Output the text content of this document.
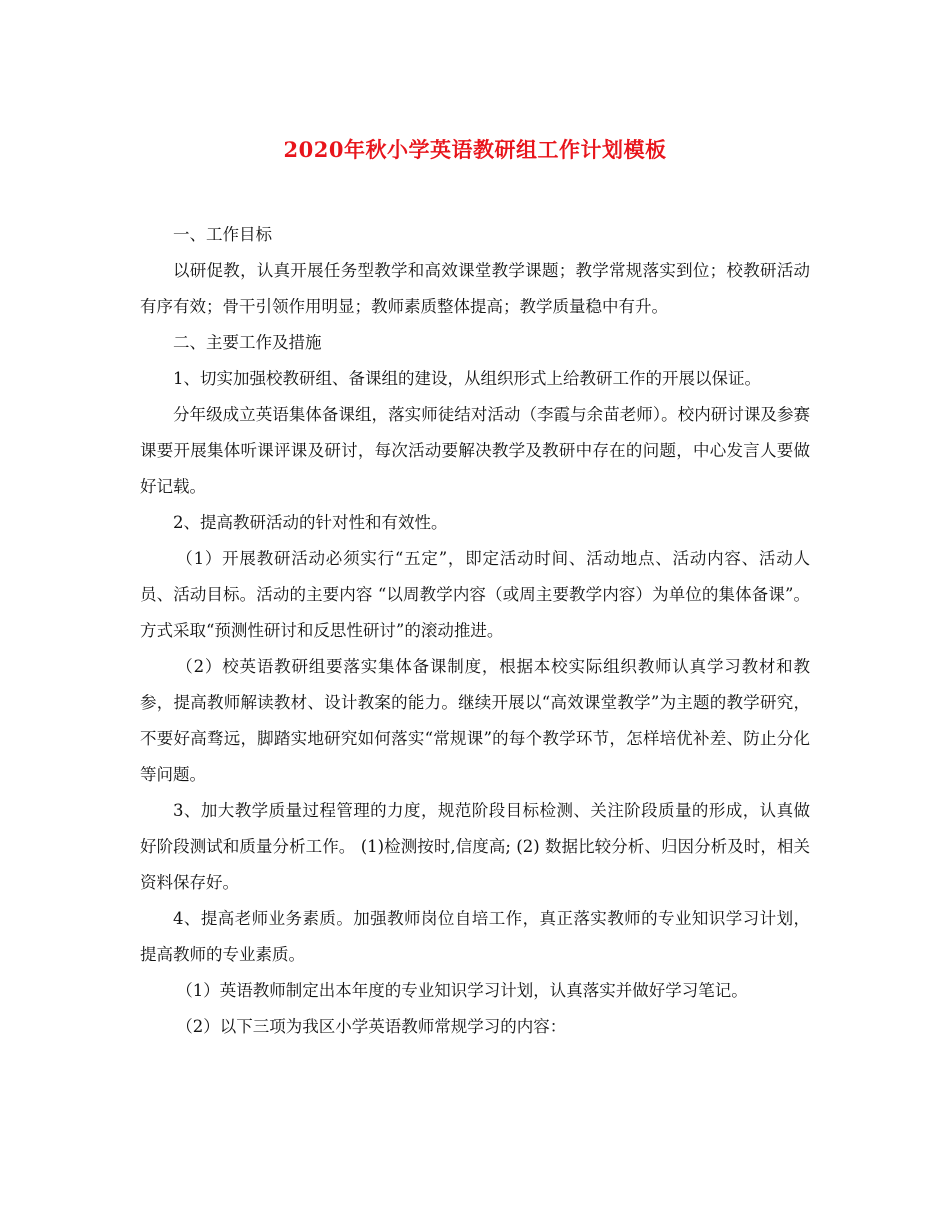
2020年秋小学英语教研组工作计划模板

一、工作目标

以研促教，认真开展任务型教学和高效课堂教学课题；教学常规落实到位；校教研活动有序有效；骨干引领作用明显；教师素质整体提高；教学质量稳中有升。

二、主要工作及措施

1、切实加强校教研组、备课组的建设，从组织形式上给教研工作的开展以保证。

分年级成立英语集体备课组，落实师徒结对活动（李霞与余苗老师）。校内研讨课及参赛课要开展集体听课评课及研讨，每次活动要解决教学及教研中存在的问题，中心发言人要做好记载。

2、提高教研活动的针对性和有效性。

（1）开展教研活动必须实行“五定”，即定活动时间、活动地点、活动内容、活动人员、活动目标。活动的主要内容 “以周教学内容（或周主要教学内容）为单位的集体备课”。方式采取“预测性研讨和反思性研讨”的滚动推进。

（2）校英语教研组要落实集体备课制度，根据本校实际组织教师认真学习教材和教参，提高教师解读教材、设计教案的能力。继续开展以“高效课堂教学”为主题的教学研究，不要好高骛远，脚踏实地研究如何落实“常规课”的每个教学环节，怎样培优补差、防止分化等问题。

3、加大教学质量过程管理的力度，规范阶段目标检测、关注阶段质量的形成，认真做好阶段测试和质量分析工作。 (1)检测按时,信度高; (2) 数据比较分析、归因分析及时，相关资料保存好。

4、提高老师业务素质。加强教师岗位自培工作，真正落实教师的专业知识学习计划，提高教师的专业素质。

（1）英语教师制定出本年度的专业知识学习计划，认真落实并做好学习笔记。

（2）以下三项为我区小学英语教师常规学习的内容：
